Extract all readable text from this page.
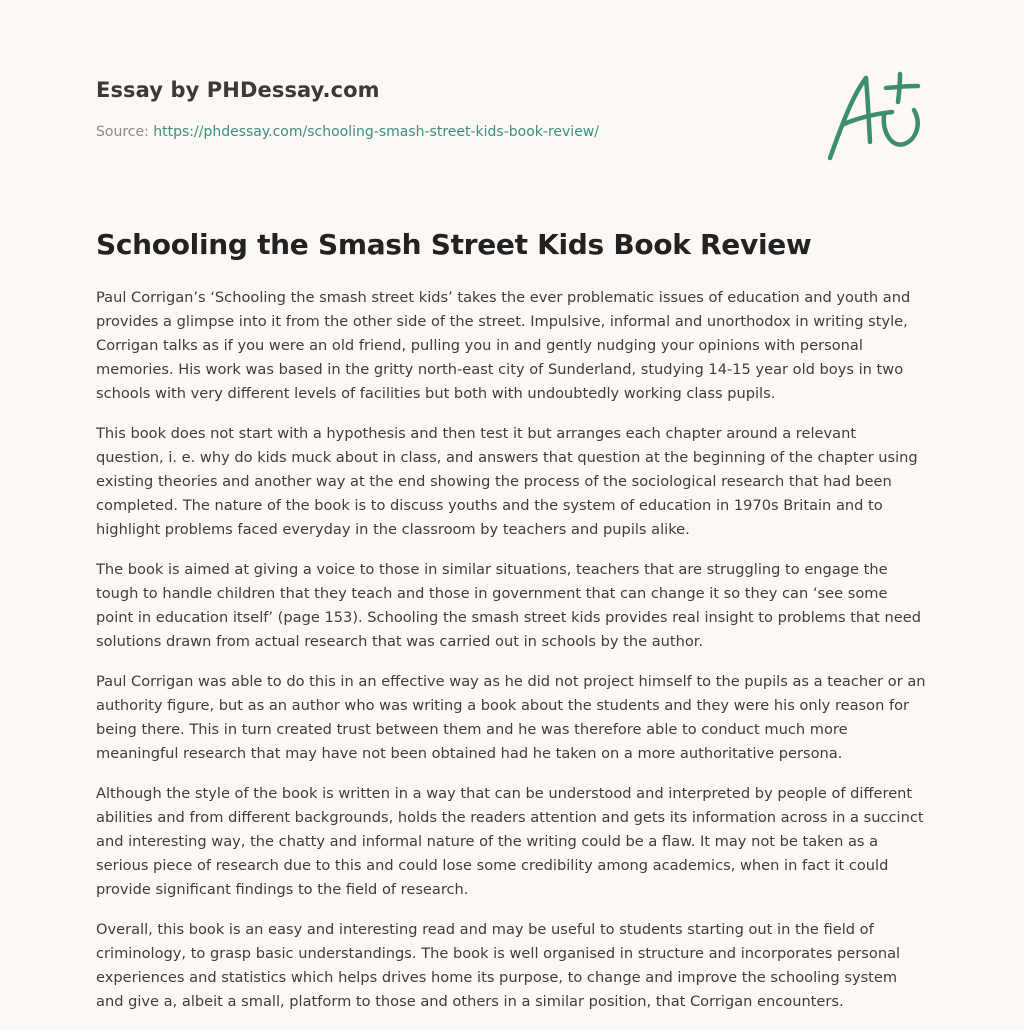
Essay by PHDessay.com
Source: https://phdessay.com/schooling-smash-street-kids-book-review/
A+
Schooling the Smash Street Kids Book Review

Paul Corrigan’s ‘Schooling the smash street kids’ takes the ever problematic issues of education and youth and provides a glimpse into it from the other side of the street. Impulsive, informal and unorthodox in writing style, Corrigan talks as if you were an old friend, pulling you in and gently nudging your opinions with personal memories. His work was based in the gritty north-east city of Sunderland, studying 14-15 year old boys in two schools with very different levels of facilities but both with undoubtedly working class pupils.

This book does not start with a hypothesis and then test it but arranges each chapter around a relevant question, i. e. why do kids muck about in class, and answers that question at the beginning of the chapter using existing theories and another way at the end showing the process of the sociological research that had been completed. The nature of the book is to discuss youths and the system of education in 1970s Britain and to highlight problems faced everyday in the classroom by teachers and pupils alike.

The book is aimed at giving a voice to those in similar situations, teachers that are struggling to engage the tough to handle children that they teach and those in government that can change it so they can ‘see some point in education itself’ (page 153). Schooling the smash street kids provides real insight to problems that need solutions drawn from actual research that was carried out in schools by the author.

Paul Corrigan was able to do this in an effective way as he did not project himself to the pupils as a teacher or an authority figure, but as an author who was writing a book about the students and they were his only reason for being there. This in turn created trust between them and he was therefore able to conduct much more meaningful research that may have not been obtained had he taken on a more authoritative persona.

Although the style of the book is written in a way that can be understood and interpreted by people of different abilities and from different backgrounds, holds the readers attention and gets its information across in a succinct and interesting way, the chatty and informal nature of the writing could be a flaw. It may not be taken as a serious piece of research due to this and could lose some credibility among academics, when in fact it could provide significant findings to the field of research.

Overall, this book is an easy and interesting read and may be useful to students starting out in the field of criminology, to grasp basic understandings. The book is well organised in structure and incorporates personal experiences and statistics which helps drives home its purpose, to change and improve the schooling system and give a, albeit a small, platform to those and others in a similar position, that Corrigan encounters.
